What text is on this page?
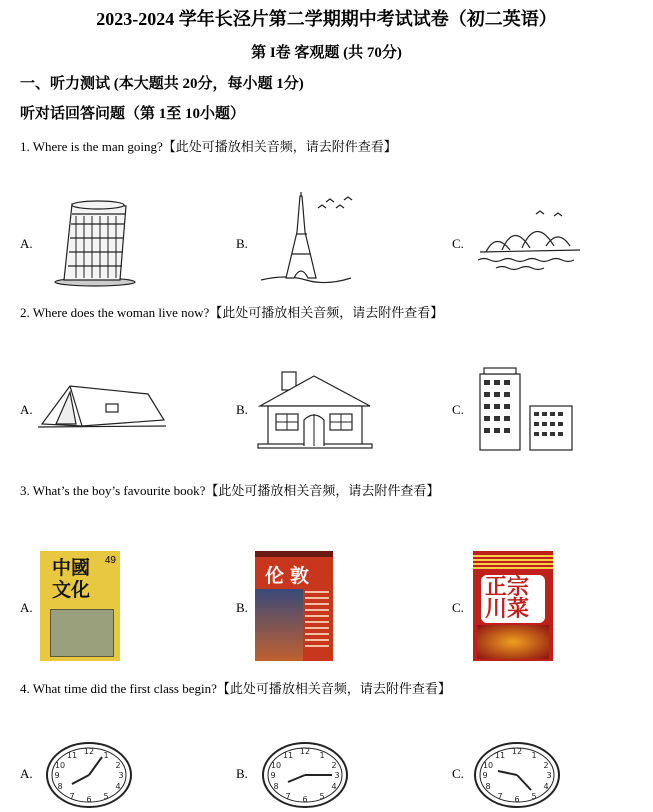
2023-2024 学年长泾片第二学期期中考试试卷（初二英语）
第 I卷 客观题 (共 70分)
一、听力测试 (本大题共 20分，每小题 1分)
听对话回答问题（第 1至 10小题）
1. Where is the man going?【此处可播放相关音频，请去附件查看】
A.	B.	C.
2. Where does the woman live now?【此处可播放相关音频，请去附件查看】
A.	B.	C.
3. What’s the boy’s favourite book?【此处可播放相关音频，请去附件查看】
A.	B.	C.
49
中國文化
伦敦	正宗川菜
4. What time did the first class begin?【此处可播放相关音频，请去附件查看】
A.	B.	C.
12 1
2
3
4
5
6
7
8
9
10
11	12 1
2
3
4
5
6
7
8
9
10
11	12 1
2
3
4
5
6
7
8
9
10
11
